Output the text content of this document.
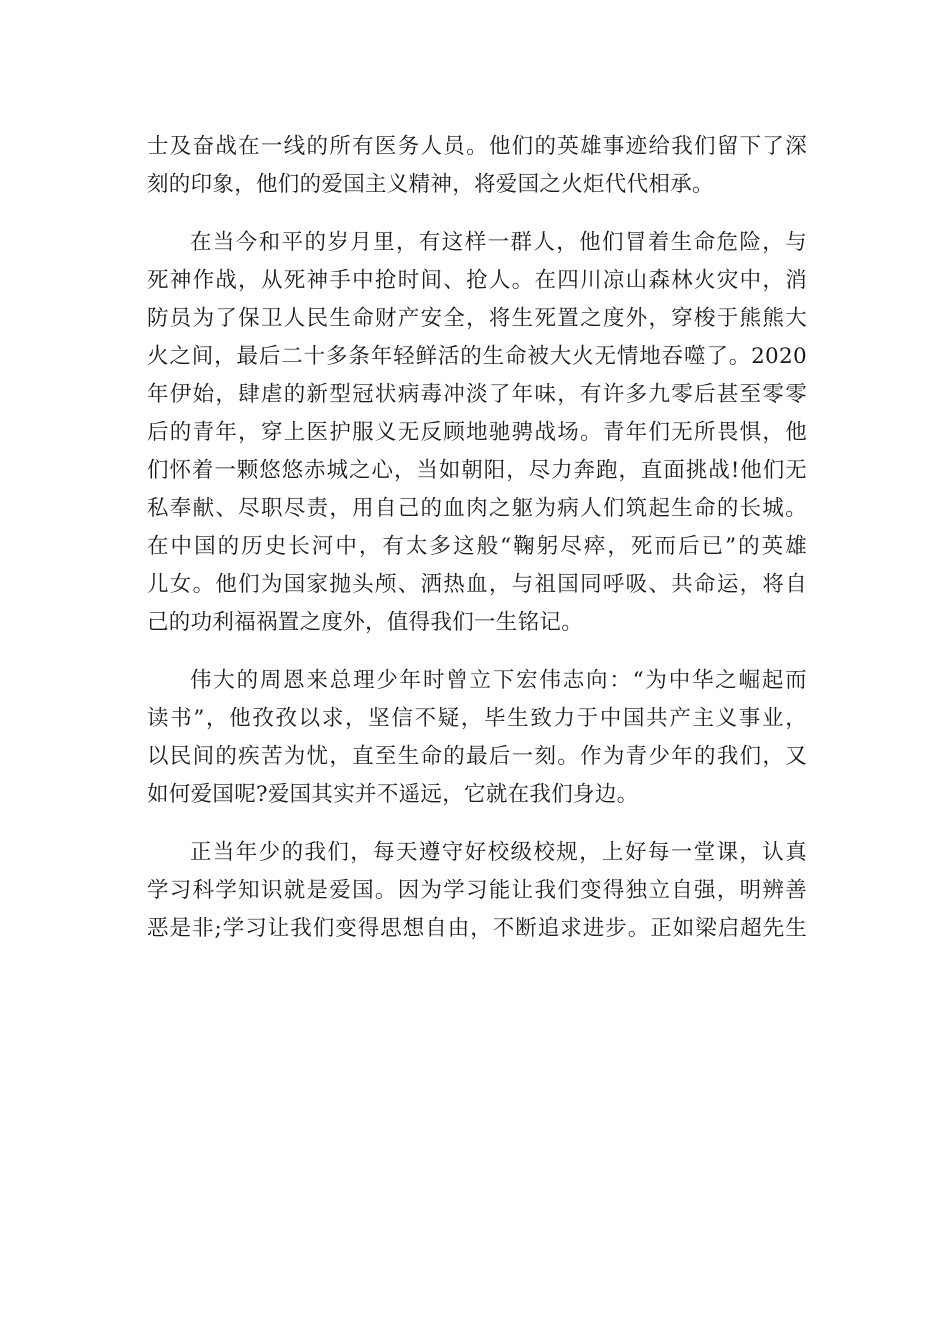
士及奋战在一线的所有医务人员。他们的英雄事迹给我们留下了深
刻的印象，他们的爱国主义精神，将爱国之火炬代代相承。
在当今和平的岁月里，有这样一群人，他们冒着生命危险，与
死神作战，从死神手中抢时间、抢人。在四川凉山森林火灾中，消
防员为了保卫人民生命财产安全，将生死置之度外，穿梭于熊熊大
火之间，最后二十多条年轻鲜活的生命被大火无情地吞噬了。2020
年伊始，肆虐的新型冠状病毒冲淡了年味，有许多九零后甚至零零
后的青年，穿上医护服义无反顾地驰骋战场。青年们无所畏惧，他
们怀着一颗悠悠赤城之心，当如朝阳，尽力奔跑，直面挑战!他们无
私奉献、尽职尽责，用自己的血肉之躯为病人们筑起生命的长城。
在中国的历史长河中，有太多这般“鞠躬尽瘁，死而后已”的英雄
儿女。他们为国家抛头颅、洒热血，与祖国同呼吸、共命运，将自
己的功利福祸置之度外，值得我们一生铭记。
伟大的周恩来总理少年时曾立下宏伟志向：“为中华之崛起而
读书”，他孜孜以求，坚信不疑，毕生致力于中国共产主义事业，
以民间的疾苦为忧，直至生命的最后一刻。作为青少年的我们，又
如何爱国呢?爱国其实并不遥远，它就在我们身边。
正当年少的我们，每天遵守好校级校规，上好每一堂课，认真
学习科学知识就是爱国。因为学习能让我们变得独立自强，明辨善
恶是非;学习让我们变得思想自由，不断追求进步。正如梁启超先生
